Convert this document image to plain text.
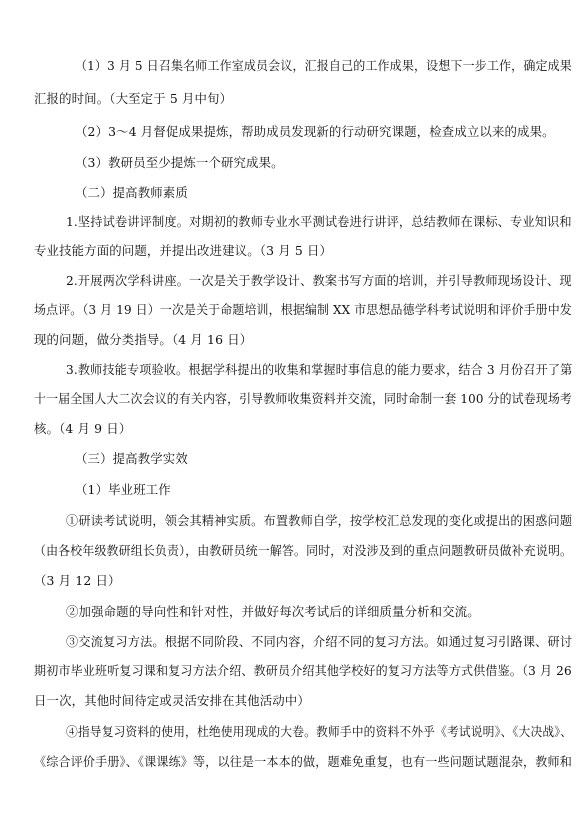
（1）3 月 5 日召集名师工作室成员会议，汇报自己的工作成果，设想下一步工作，确定成果
汇报的时间。（大至定于 5 月中旬）
（2）3～4 月督促成果提炼，帮助成员发现新的行动研究课题，检查成立以来的成果。
（3）教研员至少提炼一个研究成果。
（二）提高教师素质
1.坚持试卷讲评制度。对期初的教师专业水平测试卷进行讲评，总结教师在课标、专业知识和
专业技能方面的问题，并提出改进建议。（3 月 5 日）
2.开展两次学科讲座。一次是关于教学设计、教案书写方面的培训，并引导教师现场设计、现
场点评。（3 月 19 日）一次是关于命题培训，根据编制 XX 市思想品德学科考试说明和评价手册中发
现的问题，做分类指导。（4 月 16 日）
3.教师技能专项验收。根据学科提出的收集和掌握时事信息的能力要求，结合 3 月份召开了第
十一届全国人大二次会议的有关内容，引导教师收集资料并交流，同时命制一套 100 分的试卷现场考
核。（4 月 9 日）
（三）提高教学实效
（1）毕业班工作
①研读考试说明，领会其精神实质。布置教师自学，按学校汇总发现的变化或提出的困惑问题
（由各校年级教研组长负责），由教研员统一解答。同时，对没涉及到的重点问题教研员做补充说明。
（3 月 12 日）
②加强命题的导向性和针对性，并做好每次考试后的详细质量分析和交流。
③交流复习方法。根据不同阶段、不同内容，介绍不同的复习方法。如通过复习引路课、研讨
期初市毕业班听复习课和复习方法介绍、教研员介绍其他学校好的复习方法等方式供借鉴。（3 月 26
日一次，其他时间待定或灵活安排在其他活动中）
④指导复习资料的使用，杜绝使用现成的大卷。教师手中的资料不外乎《考试说明》、《大决战》、
《综合评价手册》、《课课练》等，以往是一本本的做，题难免重复，也有一些问题试题混杂，教师和
